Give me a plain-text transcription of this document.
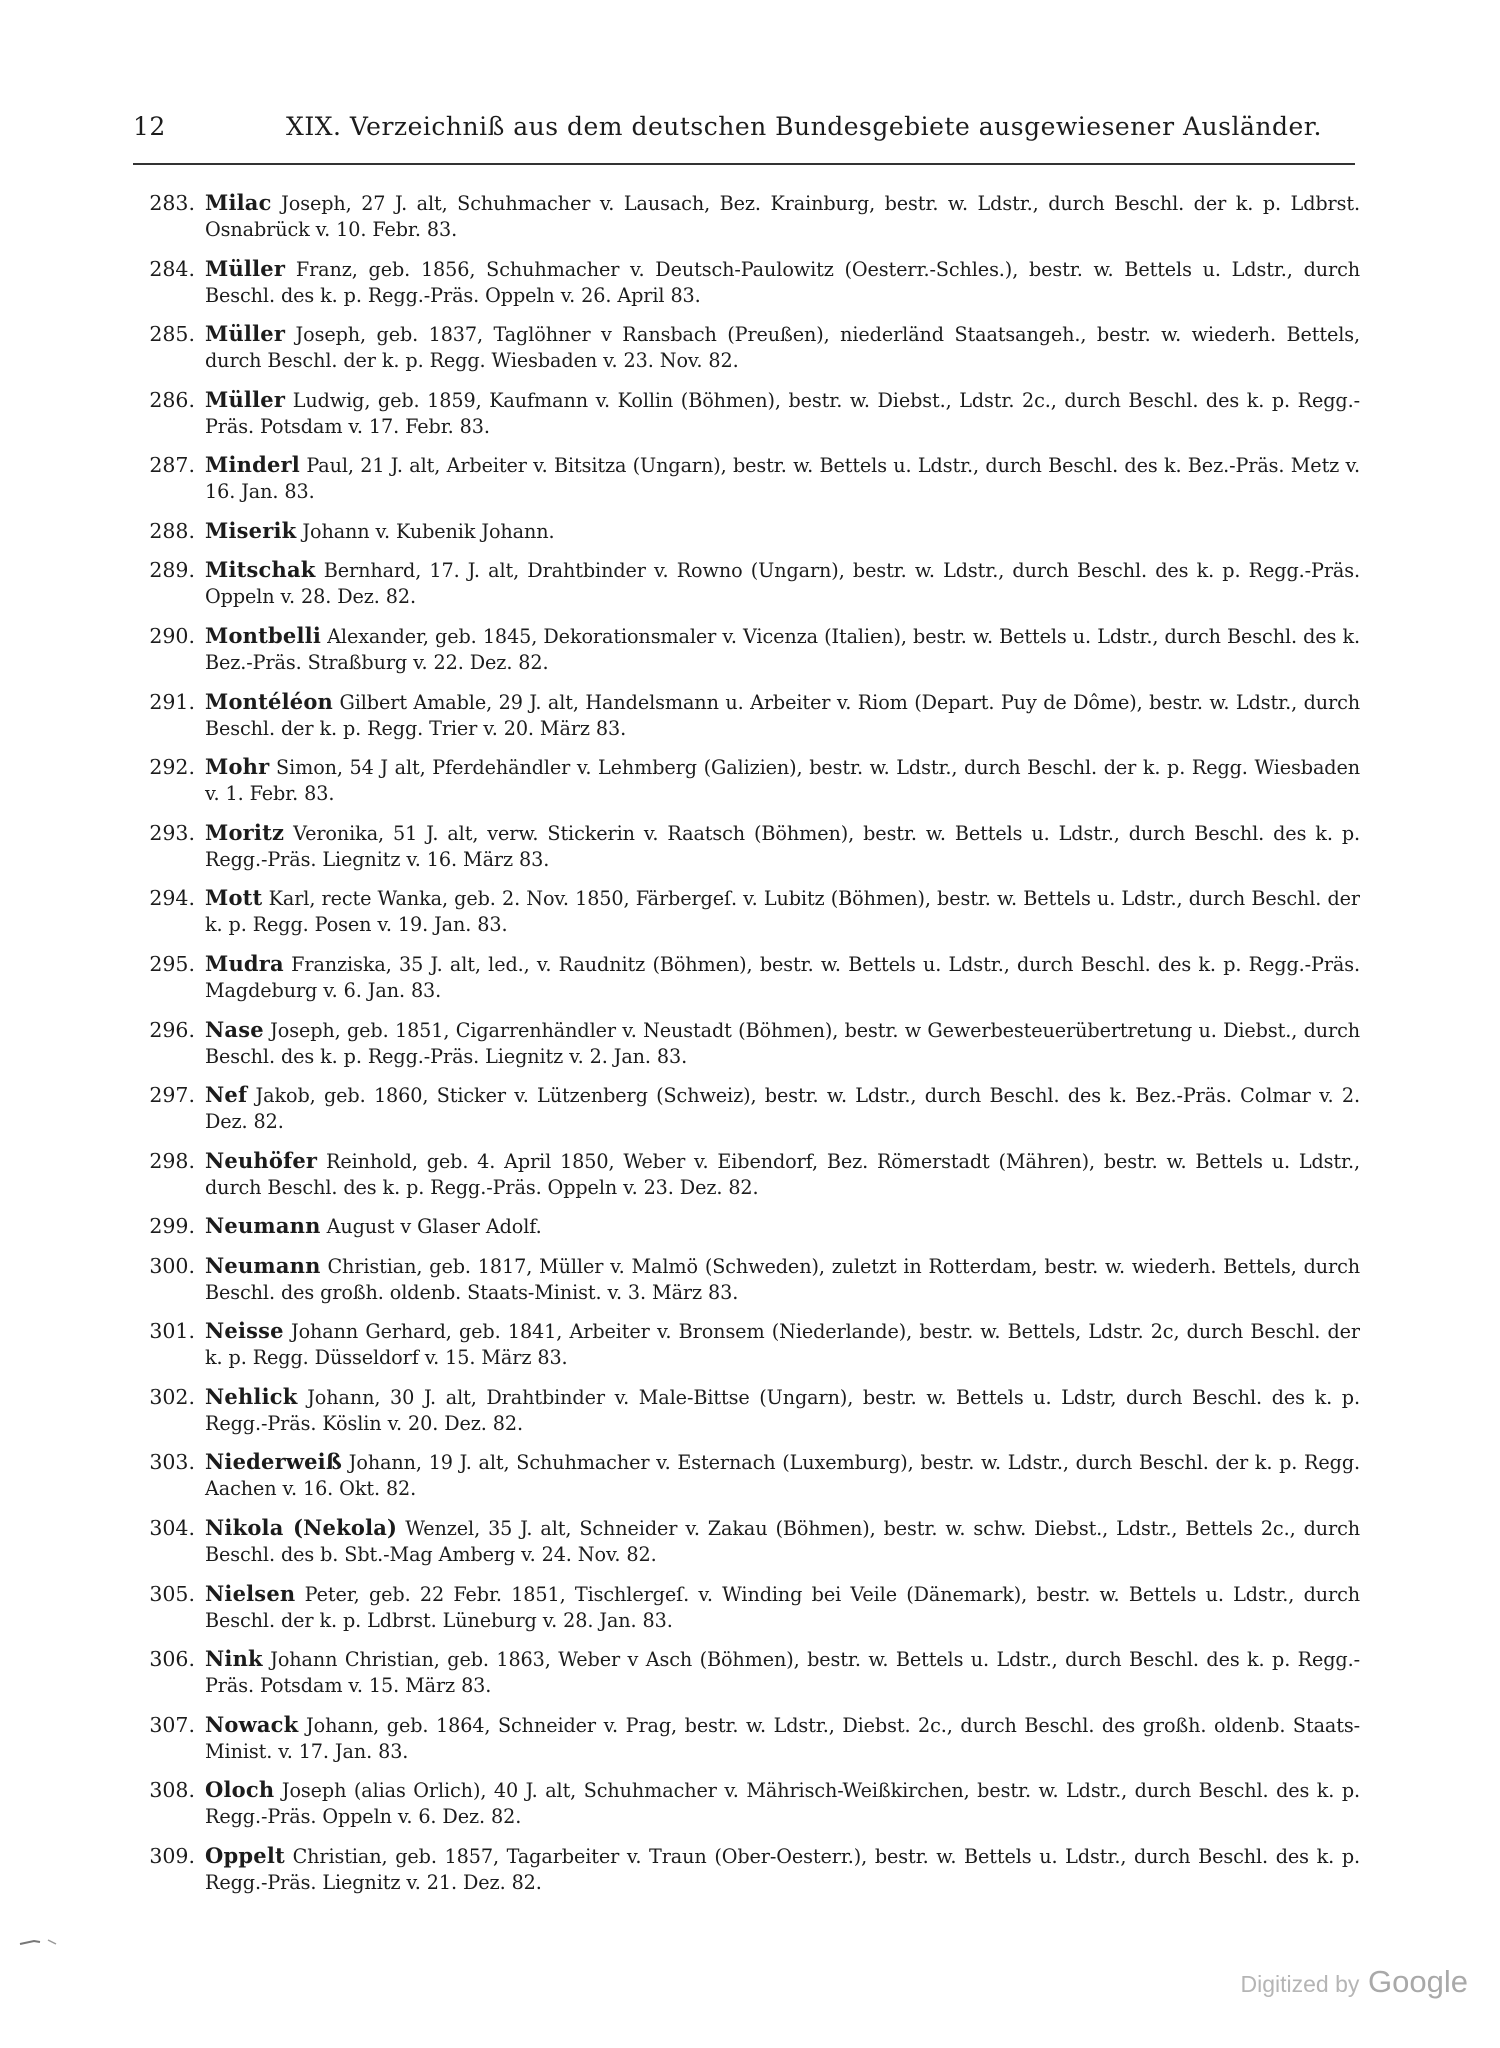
12	XIX. Verzeichniß aus dem deutschen Bundesgebiete ausgewiesener Ausländer.
283. Milac Joseph, 27 J. alt, Schuhmacher v. Lausach, Bez. Krainburg, bestr. w. Ldstr., durch Beschl. der k. p. Ldbrst. Osnabrück v. 10. Febr. 83.
284. Müller Franz, geb. 1856, Schuhmacher v. Deutsch-Paulowitz (Oesterr.-Schles.), bestr. w. Bettels u. Ldstr., durch Beschl. des k. p. Regg.-Präs. Oppeln v. 26. April 83.
285. Müller Joseph, geb. 1837, Taglöhner v Ransbach (Preußen), niederländ Staatsangeh., bestr. w. wiederh. Bettels, durch Beschl. der k. p. Regg. Wiesbaden v. 23. Nov. 82.
286. Müller Ludwig, geb. 1859, Kaufmann v. Kollin (Böhmen), bestr. w. Diebst., Ldstr. 2c., durch Beschl. des k. p. Regg.-Präs. Potsdam v. 17. Febr. 83.
287. Minderl Paul, 21 J. alt, Arbeiter v. Bitsitza (Ungarn), bestr. w. Bettels u. Ldstr., durch Beschl. des k. Bez.-Präs. Metz v. 16. Jan. 83.
288. Miserik Johann v. Kubenik Johann.
289. Mitschak Bernhard, 17. J. alt, Drahtbinder v. Rowno (Ungarn), bestr. w. Ldstr., durch Beschl. des k. p. Regg.-Präs. Oppeln v. 28. Dez. 82.
290. Montbelli Alexander, geb. 1845, Dekorationsmaler v. Vicenza (Italien), bestr. w. Bettels u. Ldstr., durch Beschl. des k. Bez.-Präs. Straßburg v. 22. Dez. 82.
291. Montéléon Gilbert Amable, 29 J. alt, Handelsmann u. Arbeiter v. Riom (Depart. Puy de Dôme), bestr. w. Ldstr., durch Beschl. der k. p. Regg. Trier v. 20. März 83.
292. Mohr Simon, 54 J alt, Pferdehändler v. Lehmberg (Galizien), bestr. w. Ldstr., durch Beschl. der k. p. Regg. Wiesbaden v. 1. Febr. 83.
293. Moritz Veronika, 51 J. alt, verw. Stickerin v. Raatsch (Böhmen), bestr. w. Bettels u. Ldstr., durch Beschl. des k. p. Regg.-Präs. Liegnitz v. 16. März 83.
294. Mott Karl, recte Wanka, geb. 2. Nov. 1850, Färbergeſ. v. Lubitz (Böhmen), bestr. w. Bettels u. Ldstr., durch Beschl. der k. p. Regg. Posen v. 19. Jan. 83.
295. Mudra Franziska, 35 J. alt, led., v. Raudnitz (Böhmen), bestr. w. Bettels u. Ldstr., durch Beschl. des k. p. Regg.-Präs. Magdeburg v. 6. Jan. 83.
296. Nase Joseph, geb. 1851, Cigarrenhändler v. Neustadt (Böhmen), bestr. w Gewerbesteuerübertretung u. Diebst., durch Beschl. des k. p. Regg.-Präs. Liegnitz v. 2. Jan. 83.
297. Nef Jakob, geb. 1860, Sticker v. Lützenberg (Schweiz), bestr. w. Ldstr., durch Beschl. des k. Bez.-Präs. Colmar v. 2. Dez. 82.
298. Neuhöfer Reinhold, geb. 4. April 1850, Weber v. Eibendorf, Bez. Römerstadt (Mähren), bestr. w. Bettels u. Ldstr., durch Beschl. des k. p. Regg.-Präs. Oppeln v. 23. Dez. 82.
299. Neumann August v Glaser Adolf.
300. Neumann Christian, geb. 1817, Müller v. Malmö (Schweden), zuletzt in Rotterdam, bestr. w. wiederh. Bettels, durch Beschl. des großh. oldenb. Staats-Minist. v. 3. März 83.
301. Neisse Johann Gerhard, geb. 1841, Arbeiter v. Bronsem (Niederlande), bestr. w. Bettels, Ldstr. 2c, durch Beschl. der k. p. Regg. Düsseldorf v. 15. März 83.
302. Nehlick Johann, 30 J. alt, Drahtbinder v. Male-Bittse (Ungarn), bestr. w. Bettels u. Ldstr, durch Beschl. des k. p. Regg.-Präs. Köslin v. 20. Dez. 82.
303. Niederweiß Johann, 19 J. alt, Schuhmacher v. Esternach (Luxemburg), bestr. w. Ldstr., durch Beschl. der k. p. Regg. Aachen v. 16. Okt. 82.
304. Nikola (Nekola) Wenzel, 35 J. alt, Schneider v. Zakau (Böhmen), bestr. w. schw. Diebst., Ldstr., Bettels 2c., durch Beschl. des b. Sbt.-Mag Amberg v. 24. Nov. 82.
305. Nielsen Peter, geb. 22 Febr. 1851, Tischlergeſ. v. Winding bei Veile (Dänemark), bestr. w. Bettels u. Ldstr., durch Beschl. der k. p. Ldbrst. Lüneburg v. 28. Jan. 83.
306. Nink Johann Christian, geb. 1863, Weber v Asch (Böhmen), bestr. w. Bettels u. Ldstr., durch Beschl. des k. p. Regg.-Präs. Potsdam v. 15. März 83.
307. Nowack Johann, geb. 1864, Schneider v. Prag, bestr. w. Ldstr., Diebst. 2c., durch Beschl. des großh. oldenb. Staats-Minist. v. 17. Jan. 83.
308. Oloch Joseph (alias Orlich), 40 J. alt, Schuhmacher v. Mährisch-Weißkirchen, bestr. w. Ldstr., durch Beschl. des k. p. Regg.-Präs. Oppeln v. 6. Dez. 82.
309. Oppelt Christian, geb. 1857, Tagarbeiter v. Traun (Ober-Oesterr.), bestr. w. Bettels u. Ldstr., durch Beschl. des k. p. Regg.-Präs. Liegnitz v. 21. Dez. 82.
Digitized by Google
